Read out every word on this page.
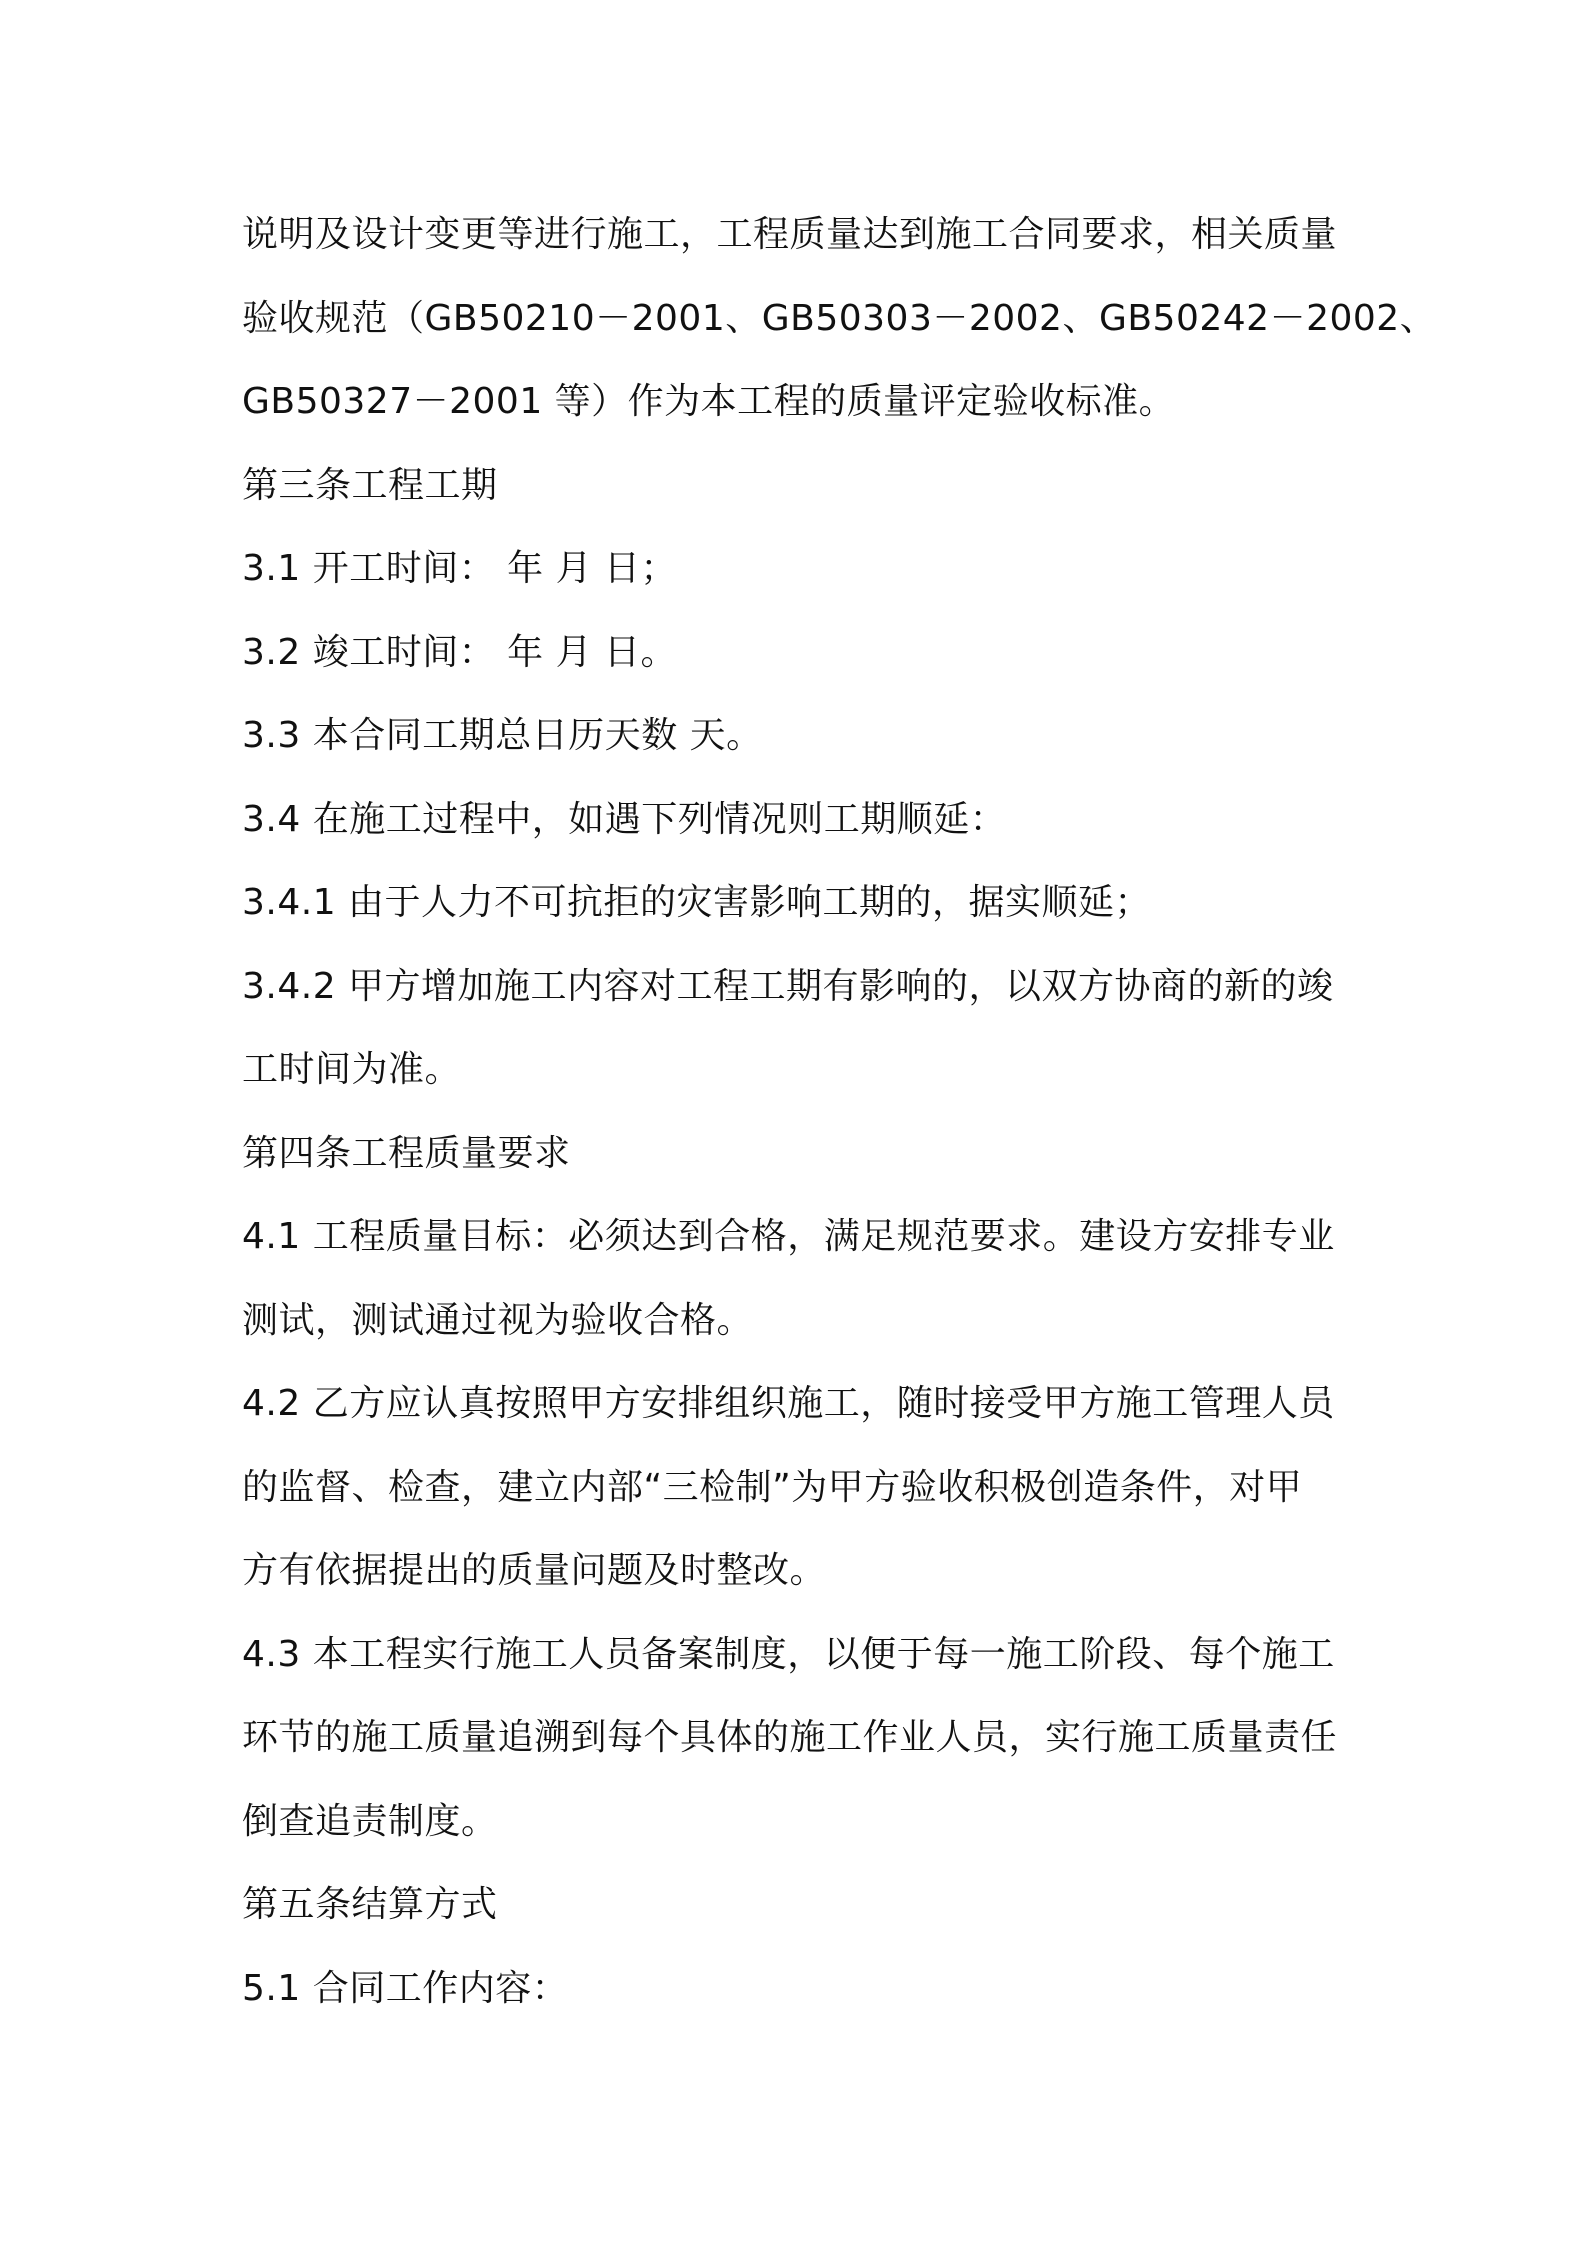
说明及设计变更等进行施工，工程质量达到施工合同要求，相关质量
验收规范（GB50210－2001、GB50303－2002、GB50242－2002、
GB50327－2001 等）作为本工程的质量评定验收标准。
第三条工程工期
3.1 开工时间： 年 月 日；
3.2 竣工时间： 年 月 日。
3.3 本合同工期总日历天数 天。
3.4 在施工过程中，如遇下列情况则工期顺延：
3.4.1 由于人力不可抗拒的灾害影响工期的，据实顺延；
3.4.2 甲方增加施工内容对工程工期有影响的，以双方协商的新的竣
工时间为准。
第四条工程质量要求
4.1 工程质量目标：必须达到合格，满足规范要求。建设方安排专业
测试，测试通过视为验收合格。
4.2 乙方应认真按照甲方安排组织施工，随时接受甲方施工管理人员
的监督、检查，建立内部“三检制”为甲方验收积极创造条件，对甲
方有依据提出的质量问题及时整改。
4.3 本工程实行施工人员备案制度，以便于每一施工阶段、每个施工
环节的施工质量追溯到每个具体的施工作业人员，实行施工质量责任
倒查追责制度。
第五条结算方式
5.1 合同工作内容：
